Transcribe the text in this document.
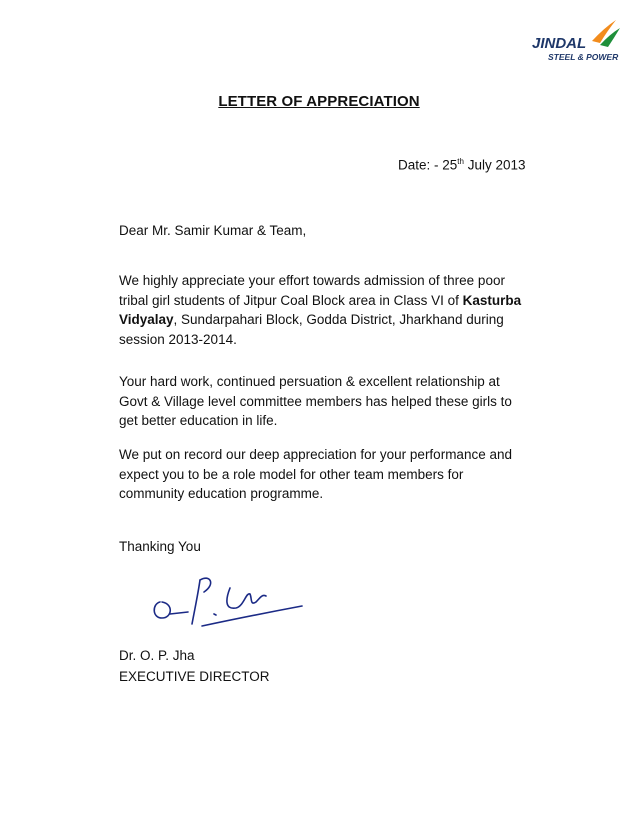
JINDAL
STEEL & POWER
LETTER OF APPRECIATION
Date: - 25th July 2013
Dear Mr. Samir Kumar & Team,
We highly appreciate your effort towards admission of three poor tribal girl students of Jitpur Coal Block area in Class VI of Kasturba Vidyalay, Sundarpahari Block, Godda District, Jharkhand during session 2013-2014.
Your hard work, continued persuation & excellent relationship at Govt & Village level committee members has helped these girls to get better education in life.
We put on record our deep appreciation for your performance and expect you to be a role model for other team members for community education programme.
Thanking You
Dr. O. P. Jha
EXECUTIVE DIRECTOR
